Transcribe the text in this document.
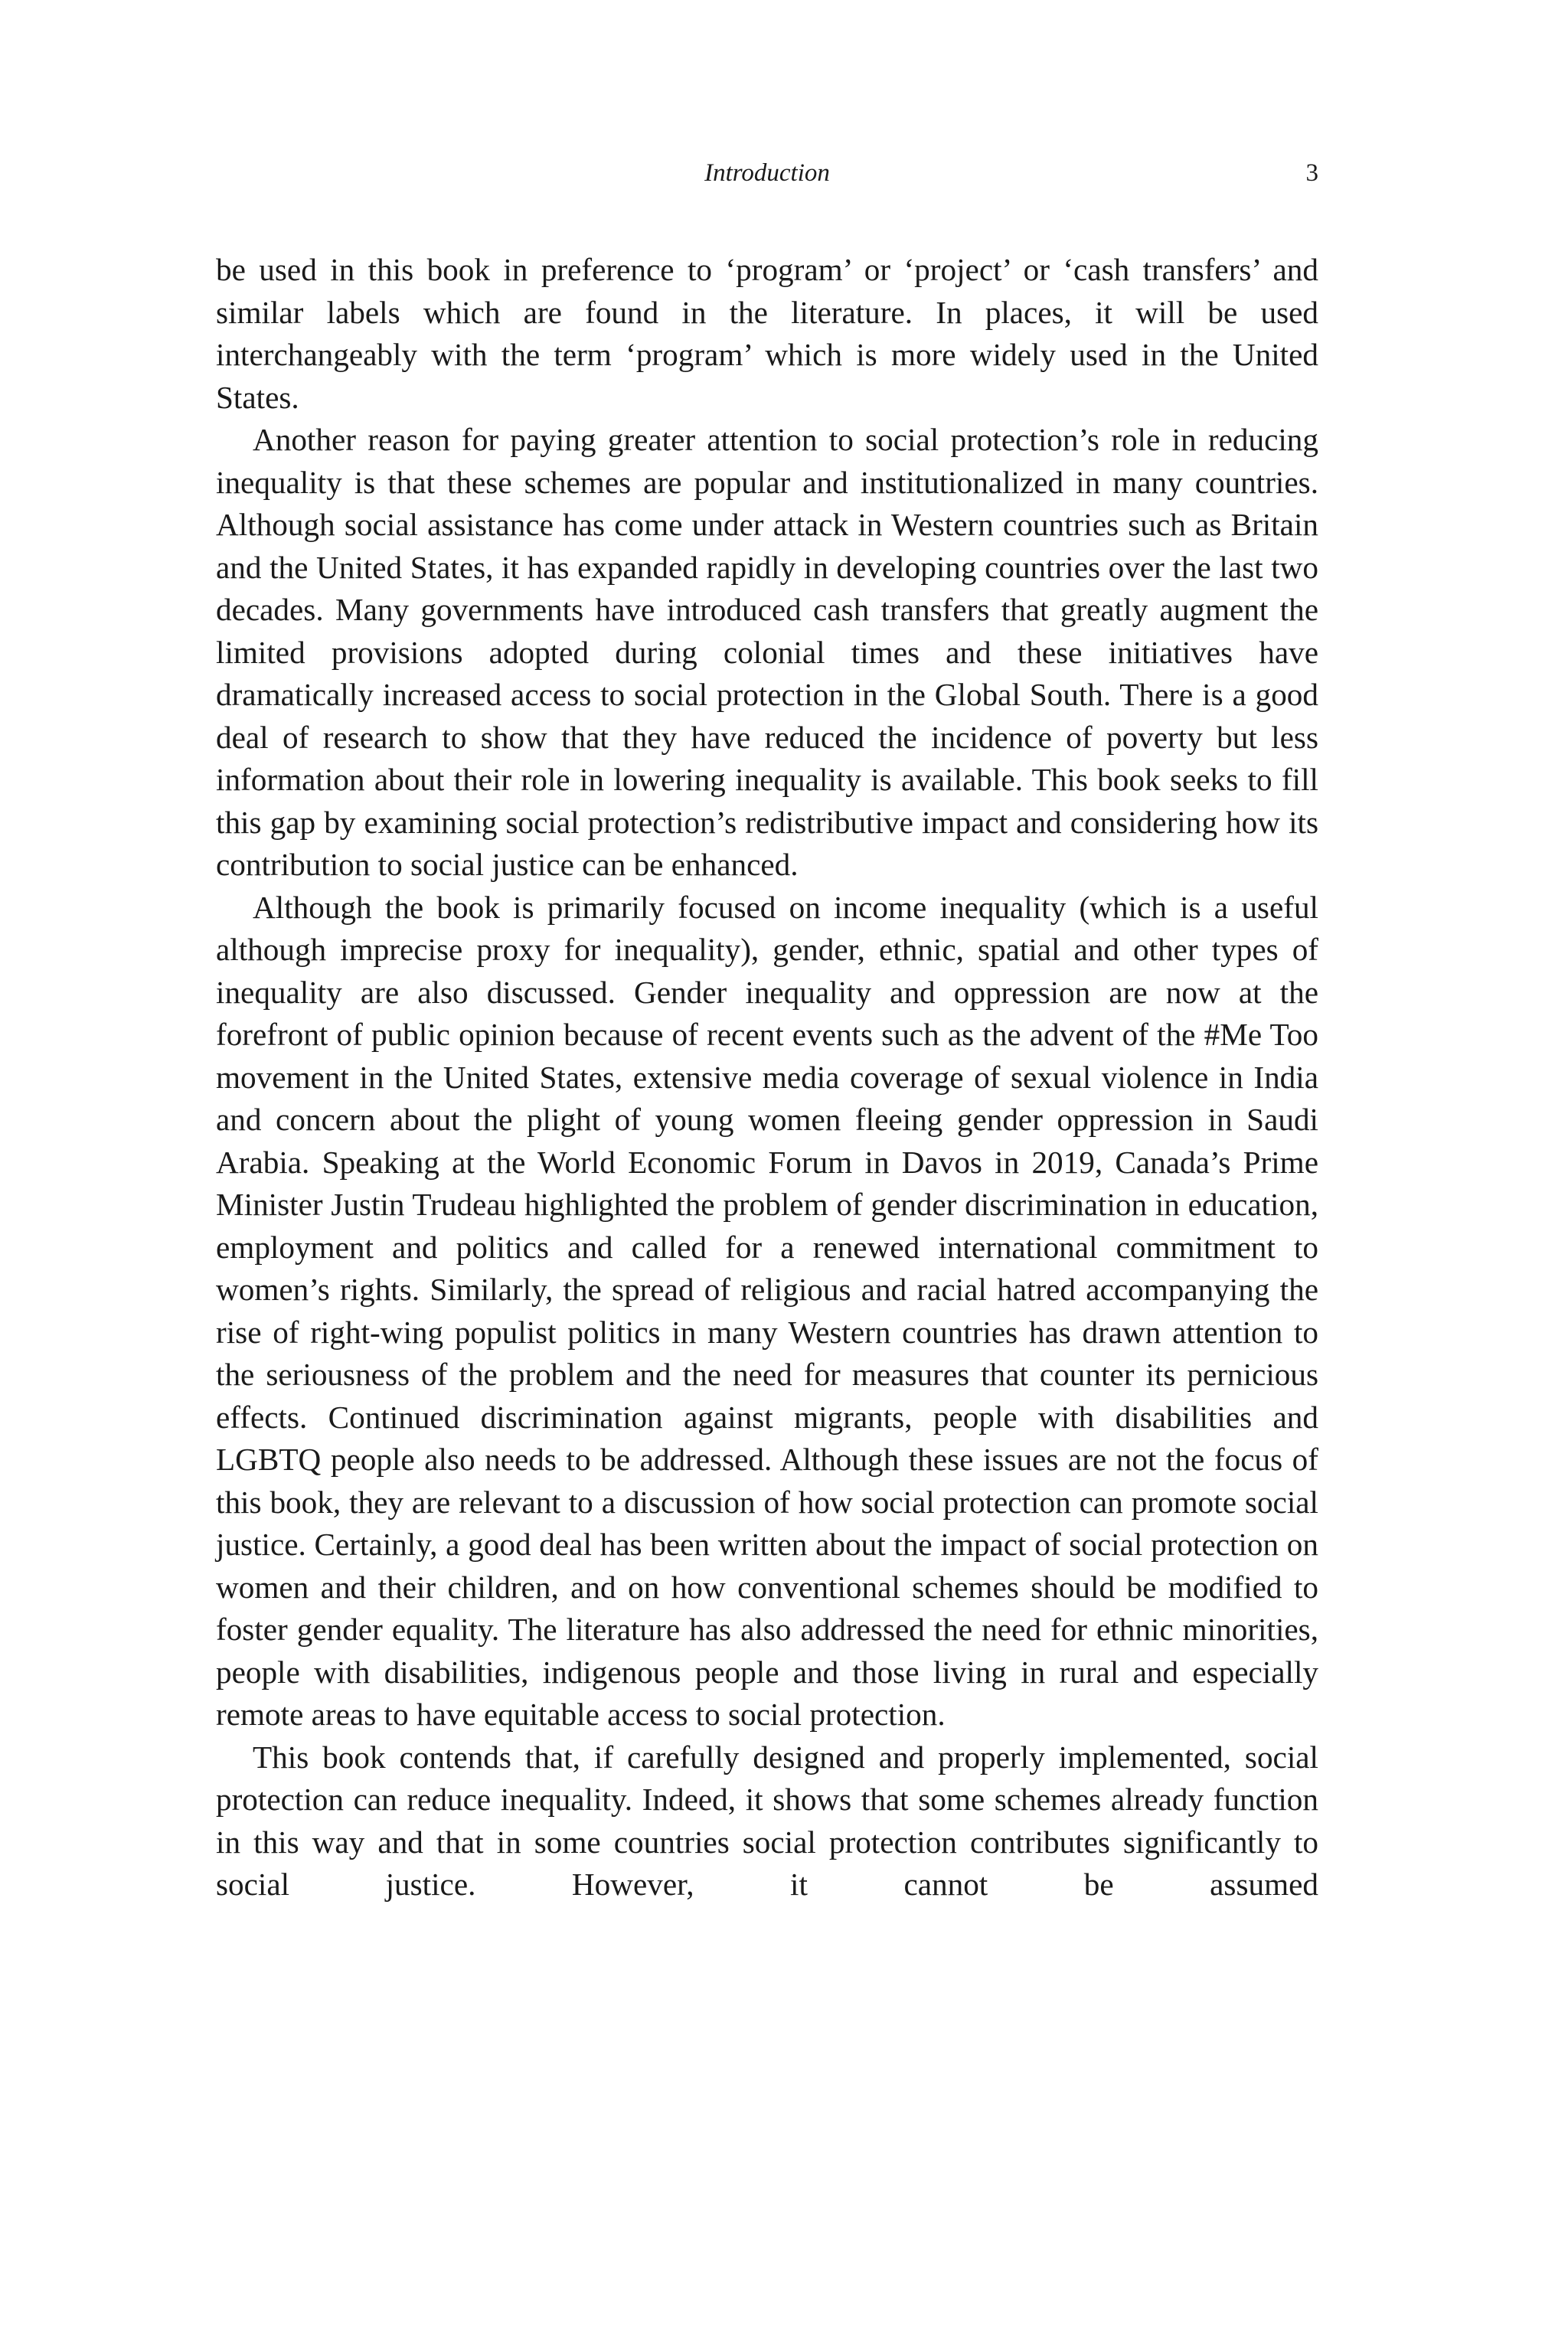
Introduction	3

be used in this book in preference to ‘program’ or ‘project’ or ‘cash transfers’ and similar labels which are found in the literature. In places, it will be used interchangeably with the term ‘program’ which is more widely used in the United States.

Another reason for paying greater attention to social protection’s role in reducing inequality is that these schemes are popular and institutionalized in many countries. Although social assistance has come under attack in Western countries such as Britain and the United States, it has expanded rapidly in developing countries over the last two decades. Many governments have introduced cash transfers that greatly augment the limited provisions adopted during colonial times and these initiatives have dramatically increased access to social protection in the Global South. There is a good deal of research to show that they have reduced the incidence of poverty but less information about their role in lowering inequality is available. This book seeks to fill this gap by examining social protection’s redistributive impact and considering how its contribution to social justice can be enhanced.

Although the book is primarily focused on income inequality (which is a useful although imprecise proxy for inequality), gender, ethnic, spatial and other types of inequality are also discussed. Gender inequality and oppression are now at the forefront of public opinion because of recent events such as the advent of the #Me Too movement in the United States, extensive media coverage of sexual violence in India and concern about the plight of young women fleeing gender oppression in Saudi Arabia. Speaking at the World Economic Forum in Davos in 2019, Canada’s Prime Minister Justin Trudeau highlighted the problem of gender discrimination in education, employment and politics and called for a renewed international commitment to women’s rights. Similarly, the spread of religious and racial hatred accompanying the rise of right-wing populist politics in many Western countries has drawn attention to the seriousness of the problem and the need for measures that counter its pernicious effects. Continued discrimination against migrants, people with disabilities and LGBTQ people also needs to be addressed. Although these issues are not the focus of this book, they are relevant to a discussion of how social protection can promote social justice. Certainly, a good deal has been written about the impact of social protection on women and their children, and on how conventional schemes should be modified to foster gender equality. The literature has also addressed the need for ethnic minorities, people with disabilities, indigenous people and those living in rural and especially remote areas to have equitable access to social protection.

This book contends that, if carefully designed and properly implemented, social protection can reduce inequality. Indeed, it shows that some schemes already function in this way and that in some countries social protection contributes significantly to social justice. However, it cannot be assumed
